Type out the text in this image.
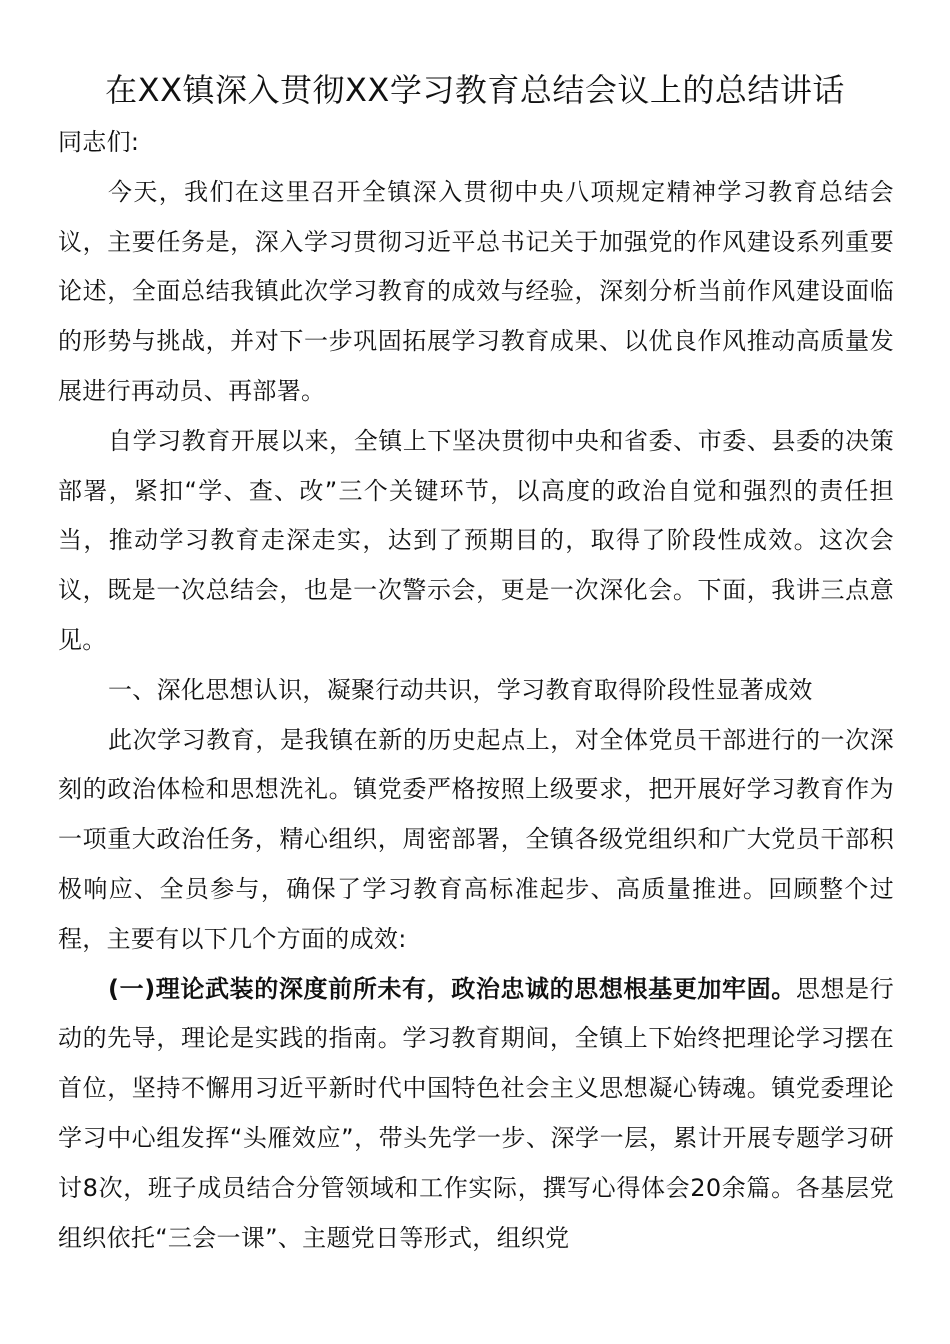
在XX镇深入贯彻XX学习教育总结会议上的总结讲话

同志们:

今天，我们在这里召开全镇深入贯彻中央八项规定精神学习教育总结会议，主要任务是，深入学习贯彻习近平总书记关于加强党的作风建设系列重要论述，全面总结我镇此次学习教育的成效与经验，深刻分析当前作风建设面临的形势与挑战，并对下一步巩固拓展学习教育成果、以优良作风推动高质量发展进行再动员、再部署。

自学习教育开展以来，全镇上下坚决贯彻中央和省委、市委、县委的决策部署，紧扣“学、查、改”三个关键环节，以高度的政治自觉和强烈的责任担当，推动学习教育走深走实，达到了预期目的，取得了阶段性成效。这次会议，既是一次总结会，也是一次警示会，更是一次深化会。下面，我讲三点意见。

一、深化思想认识，凝聚行动共识，学习教育取得阶段性显著成效

此次学习教育，是我镇在新的历史起点上，对全体党员干部进行的一次深刻的政治体检和思想洗礼。镇党委严格按照上级要求，把开展好学习教育作为一项重大政治任务，精心组织，周密部署，全镇各级党组织和广大党员干部积极响应、全员参与，确保了学习教育高标准起步、高质量推进。回顾整个过程，主要有以下几个方面的成效:

(一)理论武装的深度前所未有，政治忠诚的思想根基更加牢固。思想是行动的先导，理论是实践的指南。学习教育期间，全镇上下始终把理论学习摆在首位，坚持不懈用习近平新时代中国特色社会主义思想凝心铸魂。镇党委理论学习中心组发挥“头雁效应”，带头先学一步、深学一层，累计开展专题学习研讨8次，班子成员结合分管领域和工作实际，撰写心得体会20余篇。各基层党组织依托“三会一课”、主题党日等形式，组织党
